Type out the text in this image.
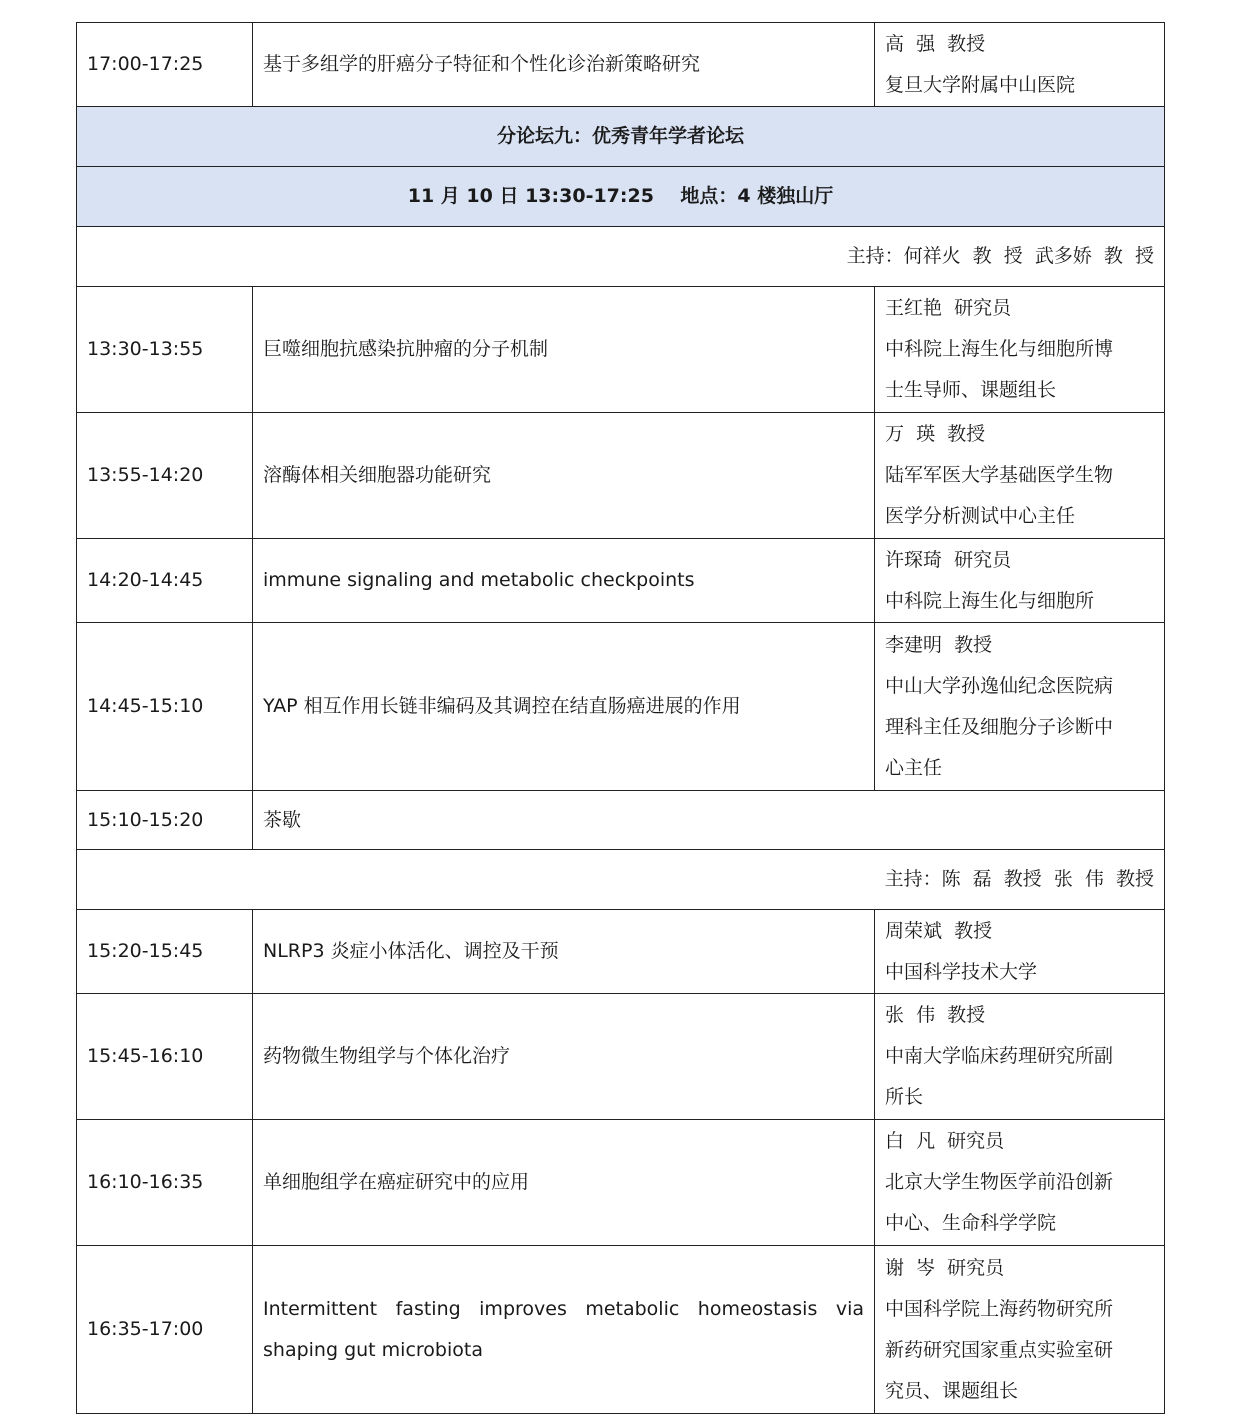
17:00-17:25	基于多组学的肝癌分子特征和个性化诊治新策略研究	高  强  教授
复旦大学附属中山医院

分论坛九：优秀青年学者论坛		
11 月 10 日 13:30-17:25    地点：4 楼独山厅		
主持：何祥火  教  授  武多娇  教  授		
13:30-13:55	巨噬细胞抗感染抗肿瘤的分子机制	王红艳  研究员
中科院上海生化与细胞所博
士生导师、课题组长

13:55-14:20	溶酶体相关细胞器功能研究	万  瑛  教授
陆军军医大学基础医学生物
医学分析测试中心主任

14:20-14:45	immune signaling and metabolic checkpoints	许琛琦  研究员
中科院上海生化与细胞所

14:45-15:10	YAP 相互作用长链非编码及其调控在结直肠癌进展的作用	李建明  教授
中山大学孙逸仙纪念医院病
理科主任及细胞分子诊断中
心主任

15:10-15:20	茶歇	
主持：陈  磊  教授  张  伟  教授		
15:20-15:45	NLRP3 炎症小体活化、调控及干预	周荣斌  教授
中国科学技术大学

15:45-16:10	药物微生物组学与个体化治疗	张  伟  教授
中南大学临床药理研究所副
所长

16:10-16:35	单细胞组学在癌症研究中的应用	白  凡  研究员
北京大学生物医学前沿创新
中心、生命科学学院

16:35-17:00	Intermittent fasting improves metabolic homeostasis via shaping gut microbiota	谢  岑  研究员
中国科学院上海药物研究所
新药研究国家重点实验室研
究员、课题组长
